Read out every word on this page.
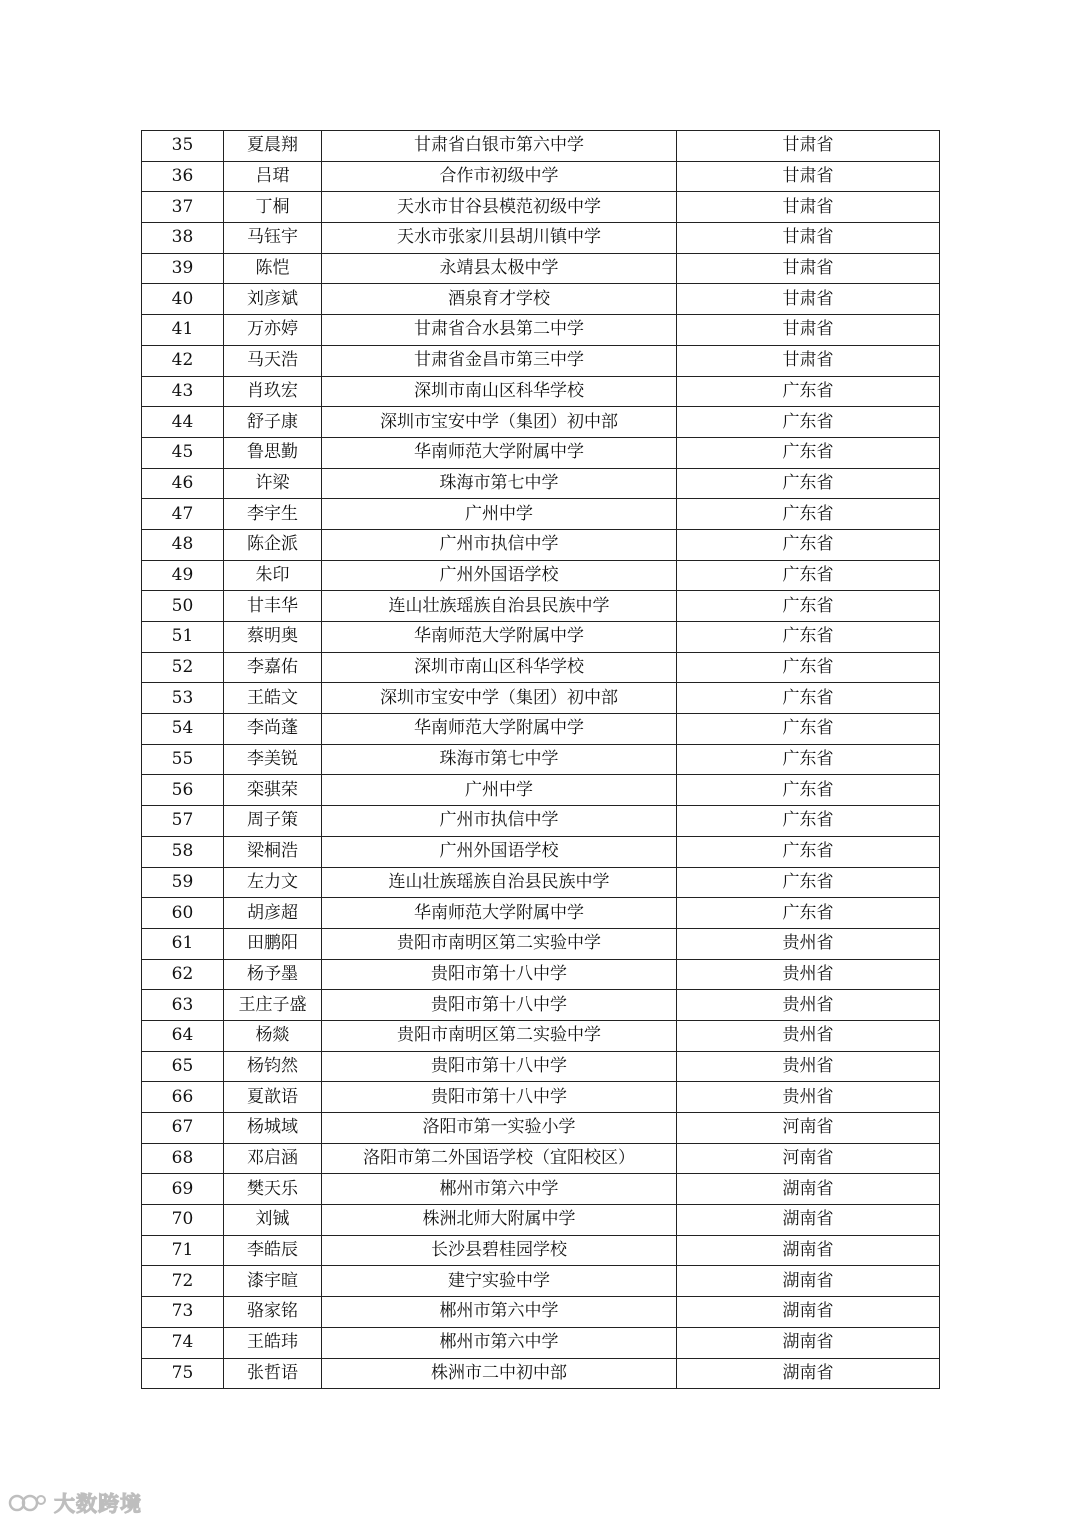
35	夏晨翔	甘肃省白银市第六中学	甘肃省
36	吕珺	合作市初级中学	甘肃省
37	丁桐	天水市甘谷县模范初级中学	甘肃省
38	马钰宇	天水市张家川县胡川镇中学	甘肃省
39	陈恺	永靖县太极中学	甘肃省
40	刘彦斌	酒泉育才学校	甘肃省
41	万亦婷	甘肃省合水县第二中学	甘肃省
42	马天浩	甘肃省金昌市第三中学	甘肃省
43	肖玖宏	深圳市南山区科华学校	广东省
44	舒子康	深圳市宝安中学（集团）初中部	广东省
45	鲁思勤	华南师范大学附属中学	广东省
46	许梁	珠海市第七中学	广东省
47	李宇生	广州中学	广东省
48	陈企派	广州市执信中学	广东省
49	朱印	广州外国语学校	广东省
50	甘丰华	连山壮族瑶族自治县民族中学	广东省
51	蔡明奥	华南师范大学附属中学	广东省
52	李嘉佑	深圳市南山区科华学校	广东省
53	王皓文	深圳市宝安中学（集团）初中部	广东省
54	李尚蓬	华南师范大学附属中学	广东省
55	李美锐	珠海市第七中学	广东省
56	栾骐荣	广州中学	广东省
57	周子策	广州市执信中学	广东省
58	梁桐浩	广州外国语学校	广东省
59	左力文	连山壮族瑶族自治县民族中学	广东省
60	胡彦超	华南师范大学附属中学	广东省
61	田鹏阳	贵阳市南明区第二实验中学	贵州省
62	杨予墨	贵阳市第十八中学	贵州省
63	王庄子盛	贵阳市第十八中学	贵州省
64	杨燚	贵阳市南明区第二实验中学	贵州省
65	杨钧然	贵阳市第十八中学	贵州省
66	夏歆语	贵阳市第十八中学	贵州省
67	杨城域	洛阳市第一实验小学	河南省
68	邓启涵	洛阳市第二外国语学校（宜阳校区）	河南省
69	樊天乐	郴州市第六中学	湖南省
70	刘铖	株洲北师大附属中学	湖南省
71	李皓辰	长沙县碧桂园学校	湖南省
72	漆宇暄	建宁实验中学	湖南省
73	骆家铭	郴州市第六中学	湖南省
74	王皓玮	郴州市第六中学	湖南省
75	张哲语	株洲市二中初中部	湖南省
大数跨境
